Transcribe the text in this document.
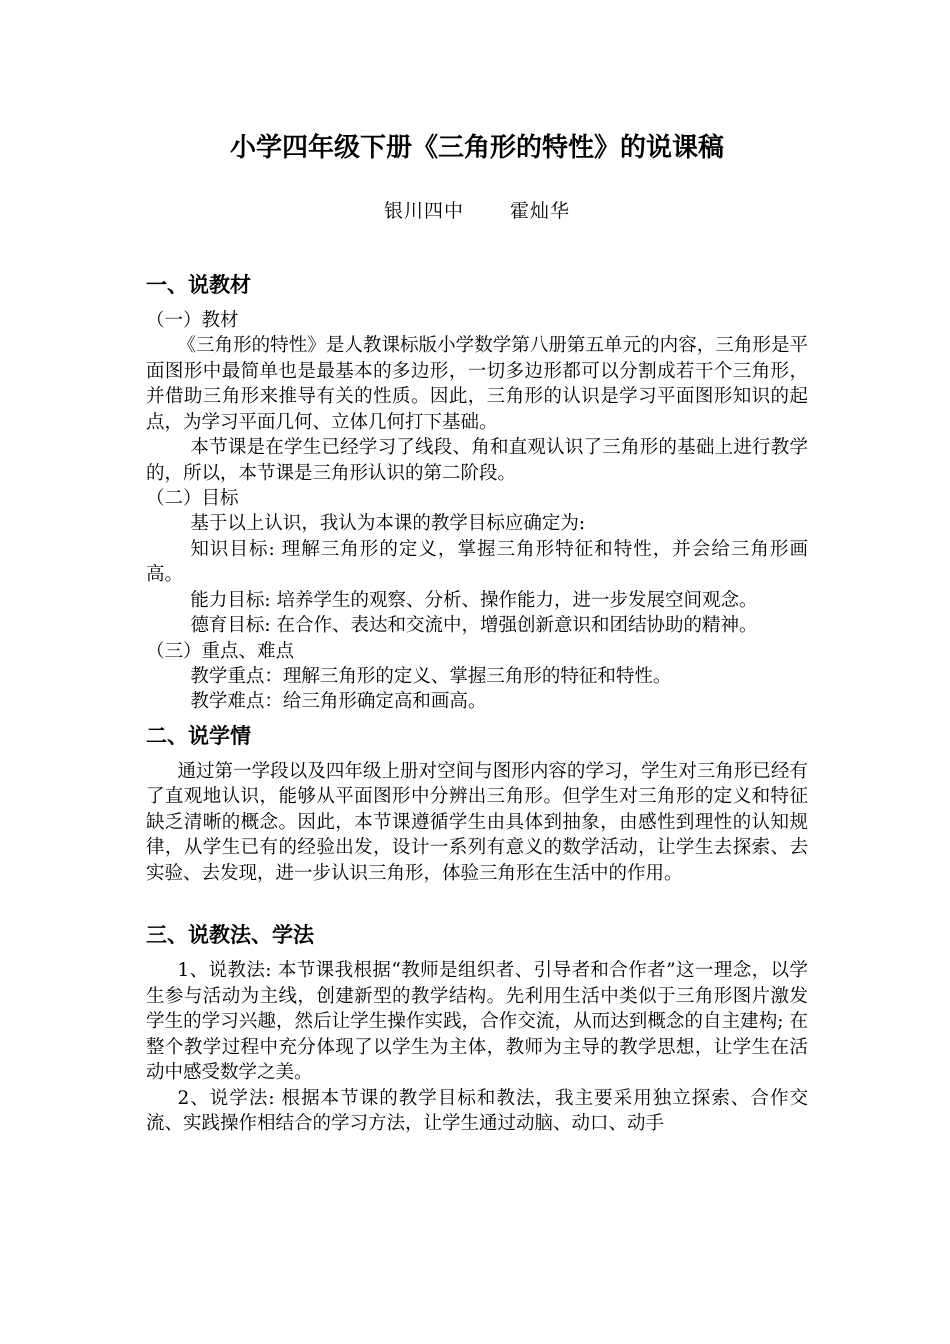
小学四年级下册《三角形的特性》的说课稿
银川四中 霍灿华
一、说教材
（一）教材

《三角形的特性》是人教课标版小学数学第八册第五单元的内容，三角形是平面图形中最简单也是最基本的多边形，一切多边形都可以分割成若干个三角形，并借助三角形来推导有关的性质。因此，三角形的认识是学习平面图形知识的起点，为学习平面几何、立体几何打下基础。

本节课是在学生已经学习了线段、角和直观认识了三角形的基础上进行教学的，所以，本节课是三角形认识的第二阶段。

（二）目标

基于以上认识，我认为本课的教学目标应确定为:

知识目标: 理解三角形的定义，掌握三角形特征和特性，并会给三角形画高。

能力目标: 培养学生的观察、分析、操作能力，进一步发展空间观念。

德育目标: 在合作、表达和交流中，增强创新意识和团结协助的精神。

（三）重点、难点

教学重点：理解三角形的定义、掌握三角形的特征和特性。

教学难点：给三角形确定高和画高。

二、说学情

通过第一学段以及四年级上册对空间与图形内容的学习，学生对三角形已经有了直观地认识，能够从平面图形中分辨出三角形。但学生对三角形的定义和特征缺乏清晰的概念。因此，本节课遵循学生由具体到抽象，由感性到理性的认知规律，从学生已有的经验出发，设计一系列有意义的数学活动，让学生去探索、去实验、去发现，进一步认识三角形，体验三角形在生活中的作用。

三、说教法、学法

1、说教法: 本节课我根据“教师是组织者、引导者和合作者”这一理念，以学生参与活动为主线，创建新型的教学结构。先利用生活中类似于三角形图片激发学生的学习兴趣，然后让学生操作实践，合作交流，从而达到概念的自主建构; 在整个教学过程中充分体现了以学生为主体，教师为主导的教学思想，让学生在活动中感受数学之美。

2、说学法: 根据本节课的教学目标和教法，我主要采用独立探索、合作交流、实践操作相结合的学习方法，让学生通过动脑、动口、动手
